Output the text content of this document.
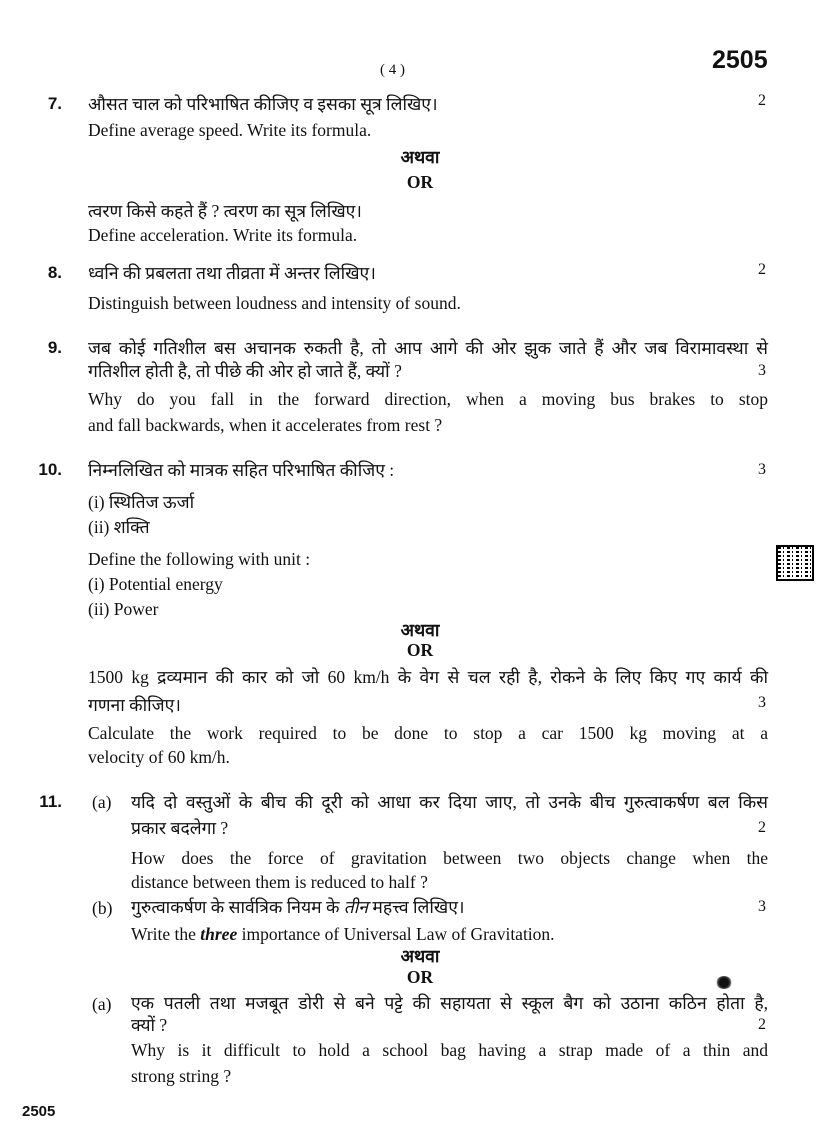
( 4 )	2505
7. औसत चाल को परिभाषित कीजिए व इसका सूत्र लिखिए।	2
Define average speed. Write its formula.
अथवा
OR
त्वरण किसे कहते हैं ? त्वरण का सूत्र लिखिए।
Define acceleration. Write its formula.
8. ध्वनि की प्रबलता तथा तीव्रता में अन्तर लिखिए।	2
Distinguish between loudness and intensity of sound.
9. जब कोई गतिशील बस अचानक रुकती है, तो आप आगे की ओर झुक जाते हैं और जब विरामावस्था से
गतिशील होती है, तो पीछे की ओर हो जाते हैं, क्यों ?	3
Why do you fall in the forward direction, when a moving bus brakes to stop
and fall backwards, when it accelerates from rest ?
10. निम्नलिखित को मात्रक सहित परिभाषित कीजिए :	3
(i) स्थितिज ऊर्जा
(ii) शक्ति
Define the following with unit :
(i) Potential energy
(ii) Power
अथवा
OR
1500 kg द्रव्यमान की कार को जो 60 km/h के वेग से चल रही है, रोकने के लिए किए गए कार्य की
गणना कीजिए।	3
Calculate the work required to be done to stop a car 1500 kg moving at a
velocity of 60 km/h.
11. (a) यदि दो वस्तुओं के बीच की दूरी को आधा कर दिया जाए, तो उनके बीच गुरुत्वाकर्षण बल किस
प्रकार बदलेगा ?	2
How does the force of gravitation between two objects change when the
distance between them is reduced to half ?
(b) गुरुत्वाकर्षण के सार्वत्रिक नियम के तीन महत्त्व लिखिए।	3
Write the three importance of Universal Law of Gravitation.
अथवा
OR
(a) एक पतली तथा मजबूत डोरी से बने पट्टे की सहायता से स्कूल बैग को उठाना कठिन होता है,
क्यों ?	2
Why is it difficult to hold a school bag having a strap made of a thin and
strong string ?
2505
